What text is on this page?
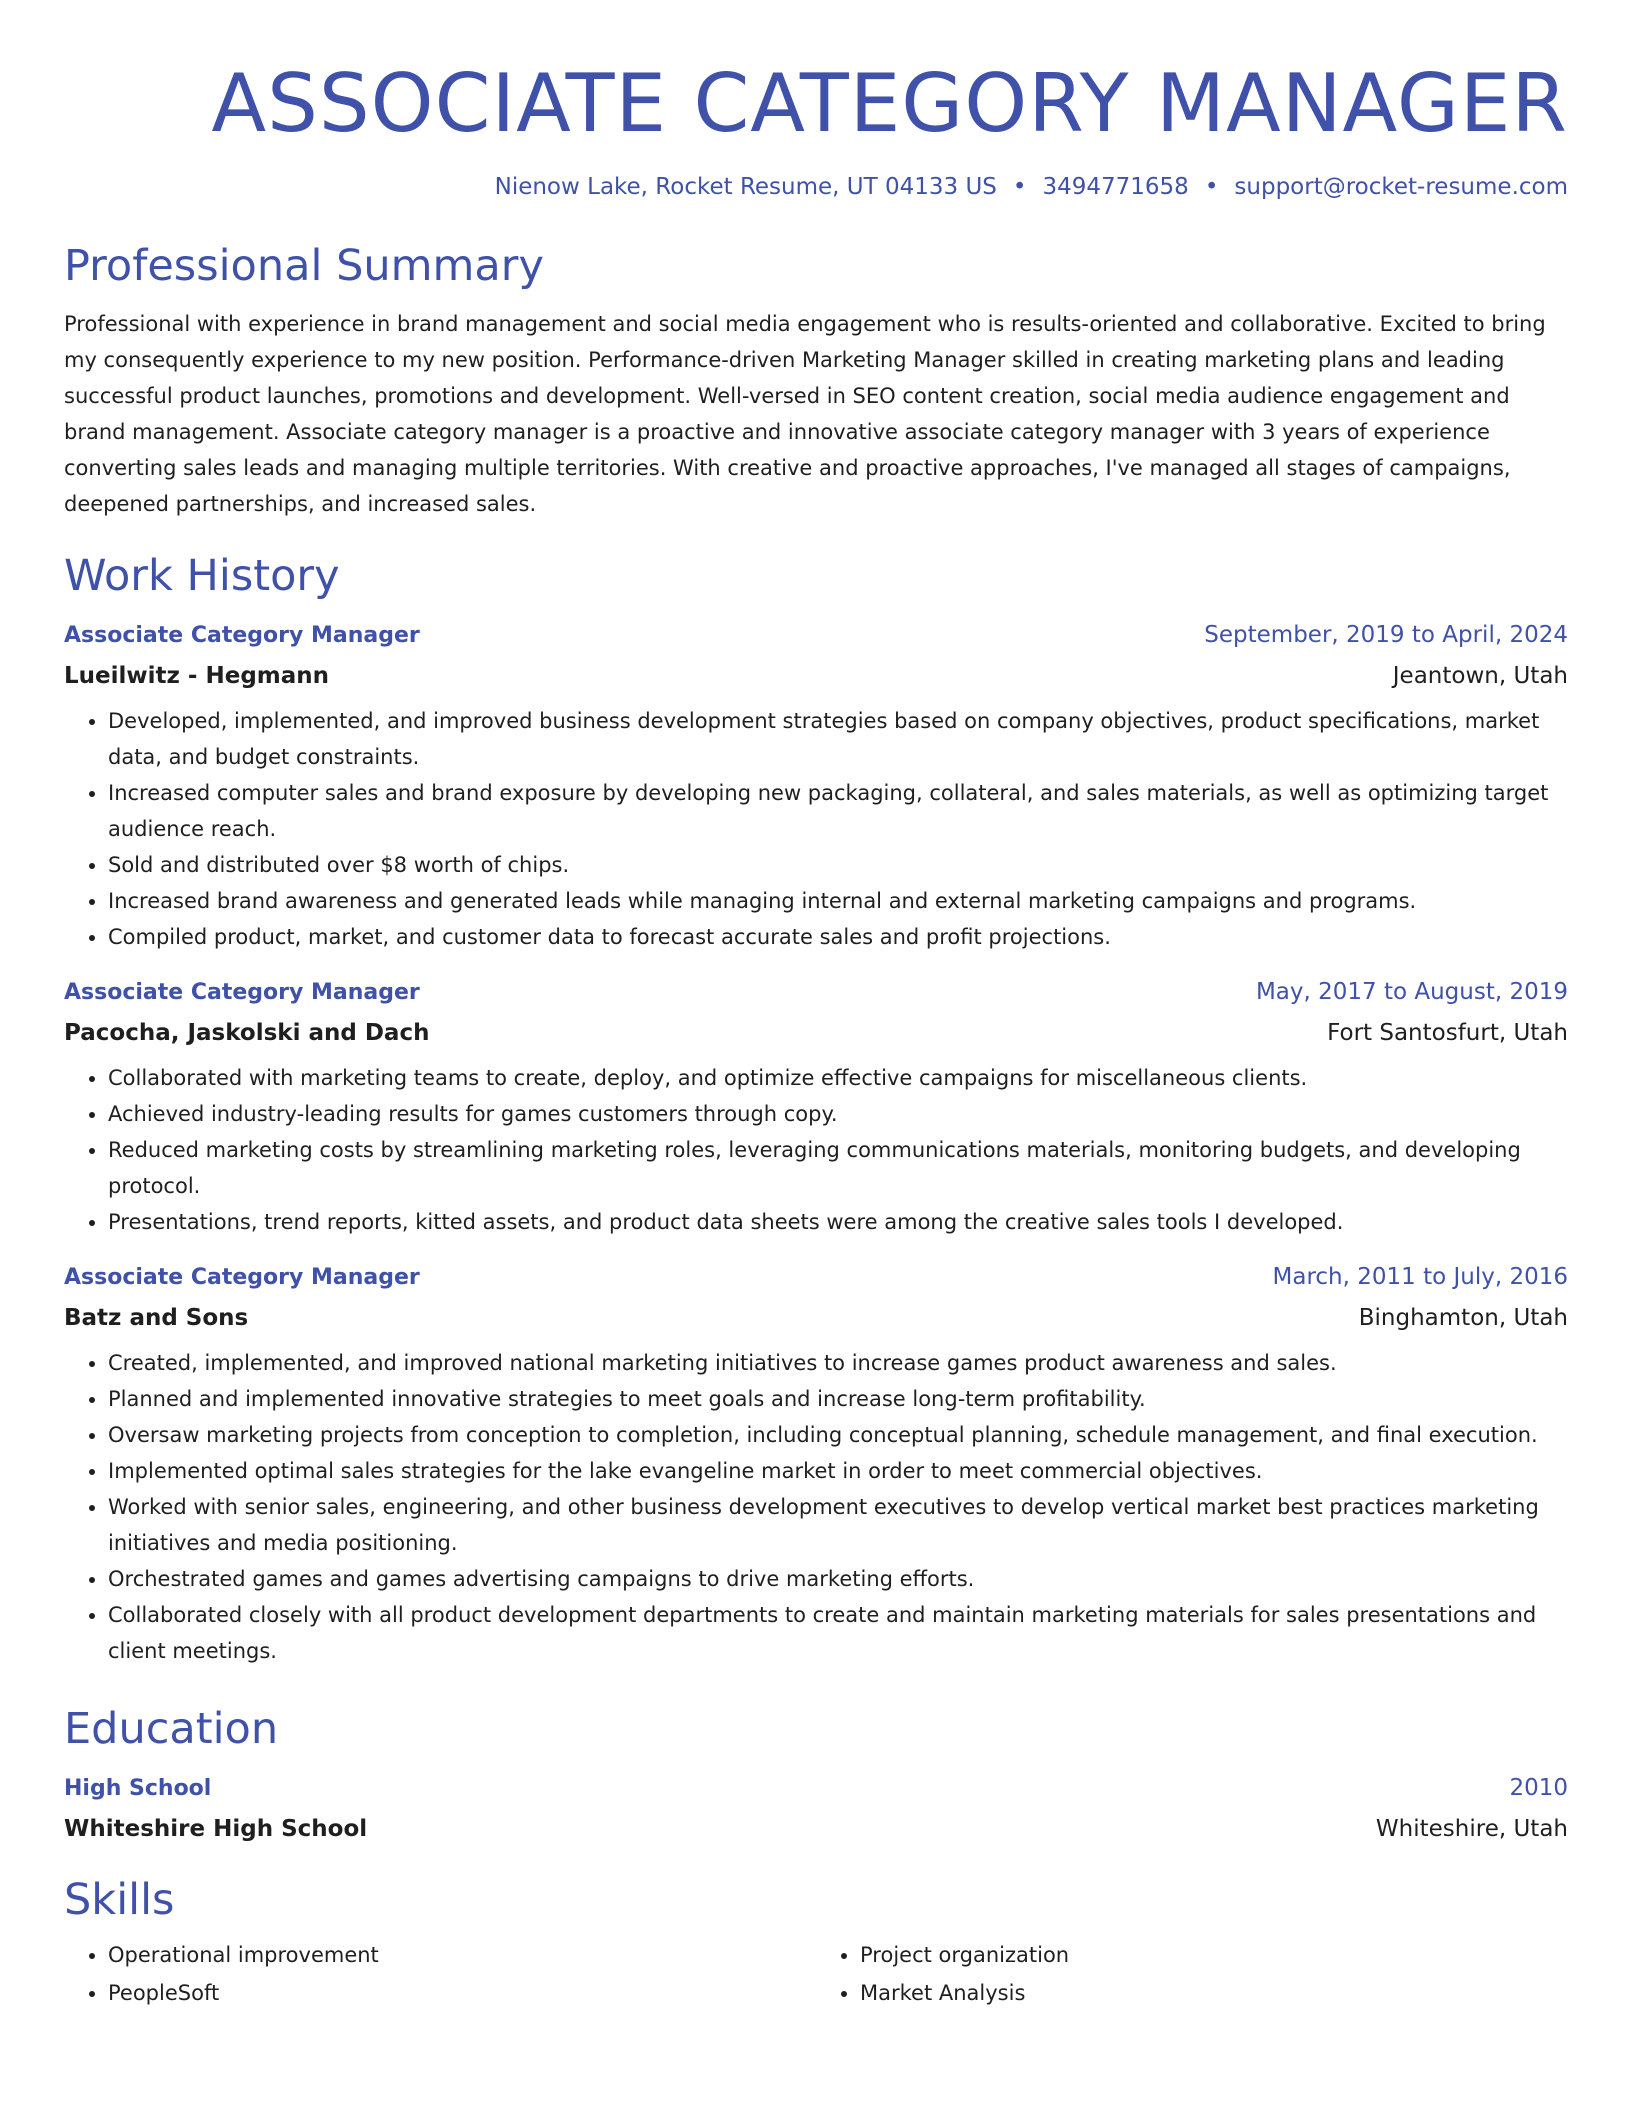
ASSOCIATE CATEGORY MANAGER
Nienow Lake, Rocket Resume, UT 04133 US • 3494771658 • support@rocket-resume.com
Professional Summary
Professional with experience in brand management and social media engagement who is results-oriented and collaborative. Excited to bring my consequently experience to my new position. Performance-driven Marketing Manager skilled in creating marketing plans and leading successful product launches, promotions and development. Well-versed in SEO content creation, social media audience engagement and brand management. Associate category manager is a proactive and innovative associate category manager with 3 years of experience converting sales leads and managing multiple territories. With creative and proactive approaches, I've managed all stages of campaigns, deepened partnerships, and increased sales.
Work History
Associate Category Manager	September, 2019 to April, 2024
Lueilwitz - Hegmann	Jeantown, Utah
• Developed, implemented, and improved business development strategies based on company objectives, product specifications, market data, and budget constraints.
• Increased computer sales and brand exposure by developing new packaging, collateral, and sales materials, as well as optimizing target audience reach.
• Sold and distributed over $8 worth of chips.
• Increased brand awareness and generated leads while managing internal and external marketing campaigns and programs.
• Compiled product, market, and customer data to forecast accurate sales and profit projections.
Associate Category Manager	May, 2017 to August, 2019
Pacocha, Jaskolski and Dach	Fort Santosfurt, Utah
• Collaborated with marketing teams to create, deploy, and optimize effective campaigns for miscellaneous clients.
• Achieved industry-leading results for games customers through copy.
• Reduced marketing costs by streamlining marketing roles, leveraging communications materials, monitoring budgets, and developing protocol.
• Presentations, trend reports, kitted assets, and product data sheets were among the creative sales tools I developed.
Associate Category Manager	March, 2011 to July, 2016
Batz and Sons	Binghamton, Utah
• Created, implemented, and improved national marketing initiatives to increase games product awareness and sales.
• Planned and implemented innovative strategies to meet goals and increase long-term profitability.
• Oversaw marketing projects from conception to completion, including conceptual planning, schedule management, and final execution.
• Implemented optimal sales strategies for the lake evangeline market in order to meet commercial objectives.
• Worked with senior sales, engineering, and other business development executives to develop vertical market best practices marketing initiatives and media positioning.
• Orchestrated games and games advertising campaigns to drive marketing efforts.
• Collaborated closely with all product development departments to create and maintain marketing materials for sales presentations and client meetings.
Education
High School	2010
Whiteshire High School	Whiteshire, Utah
Skills
• Operational improvement
• PeopleSoft
• Project organization
• Market Analysis
